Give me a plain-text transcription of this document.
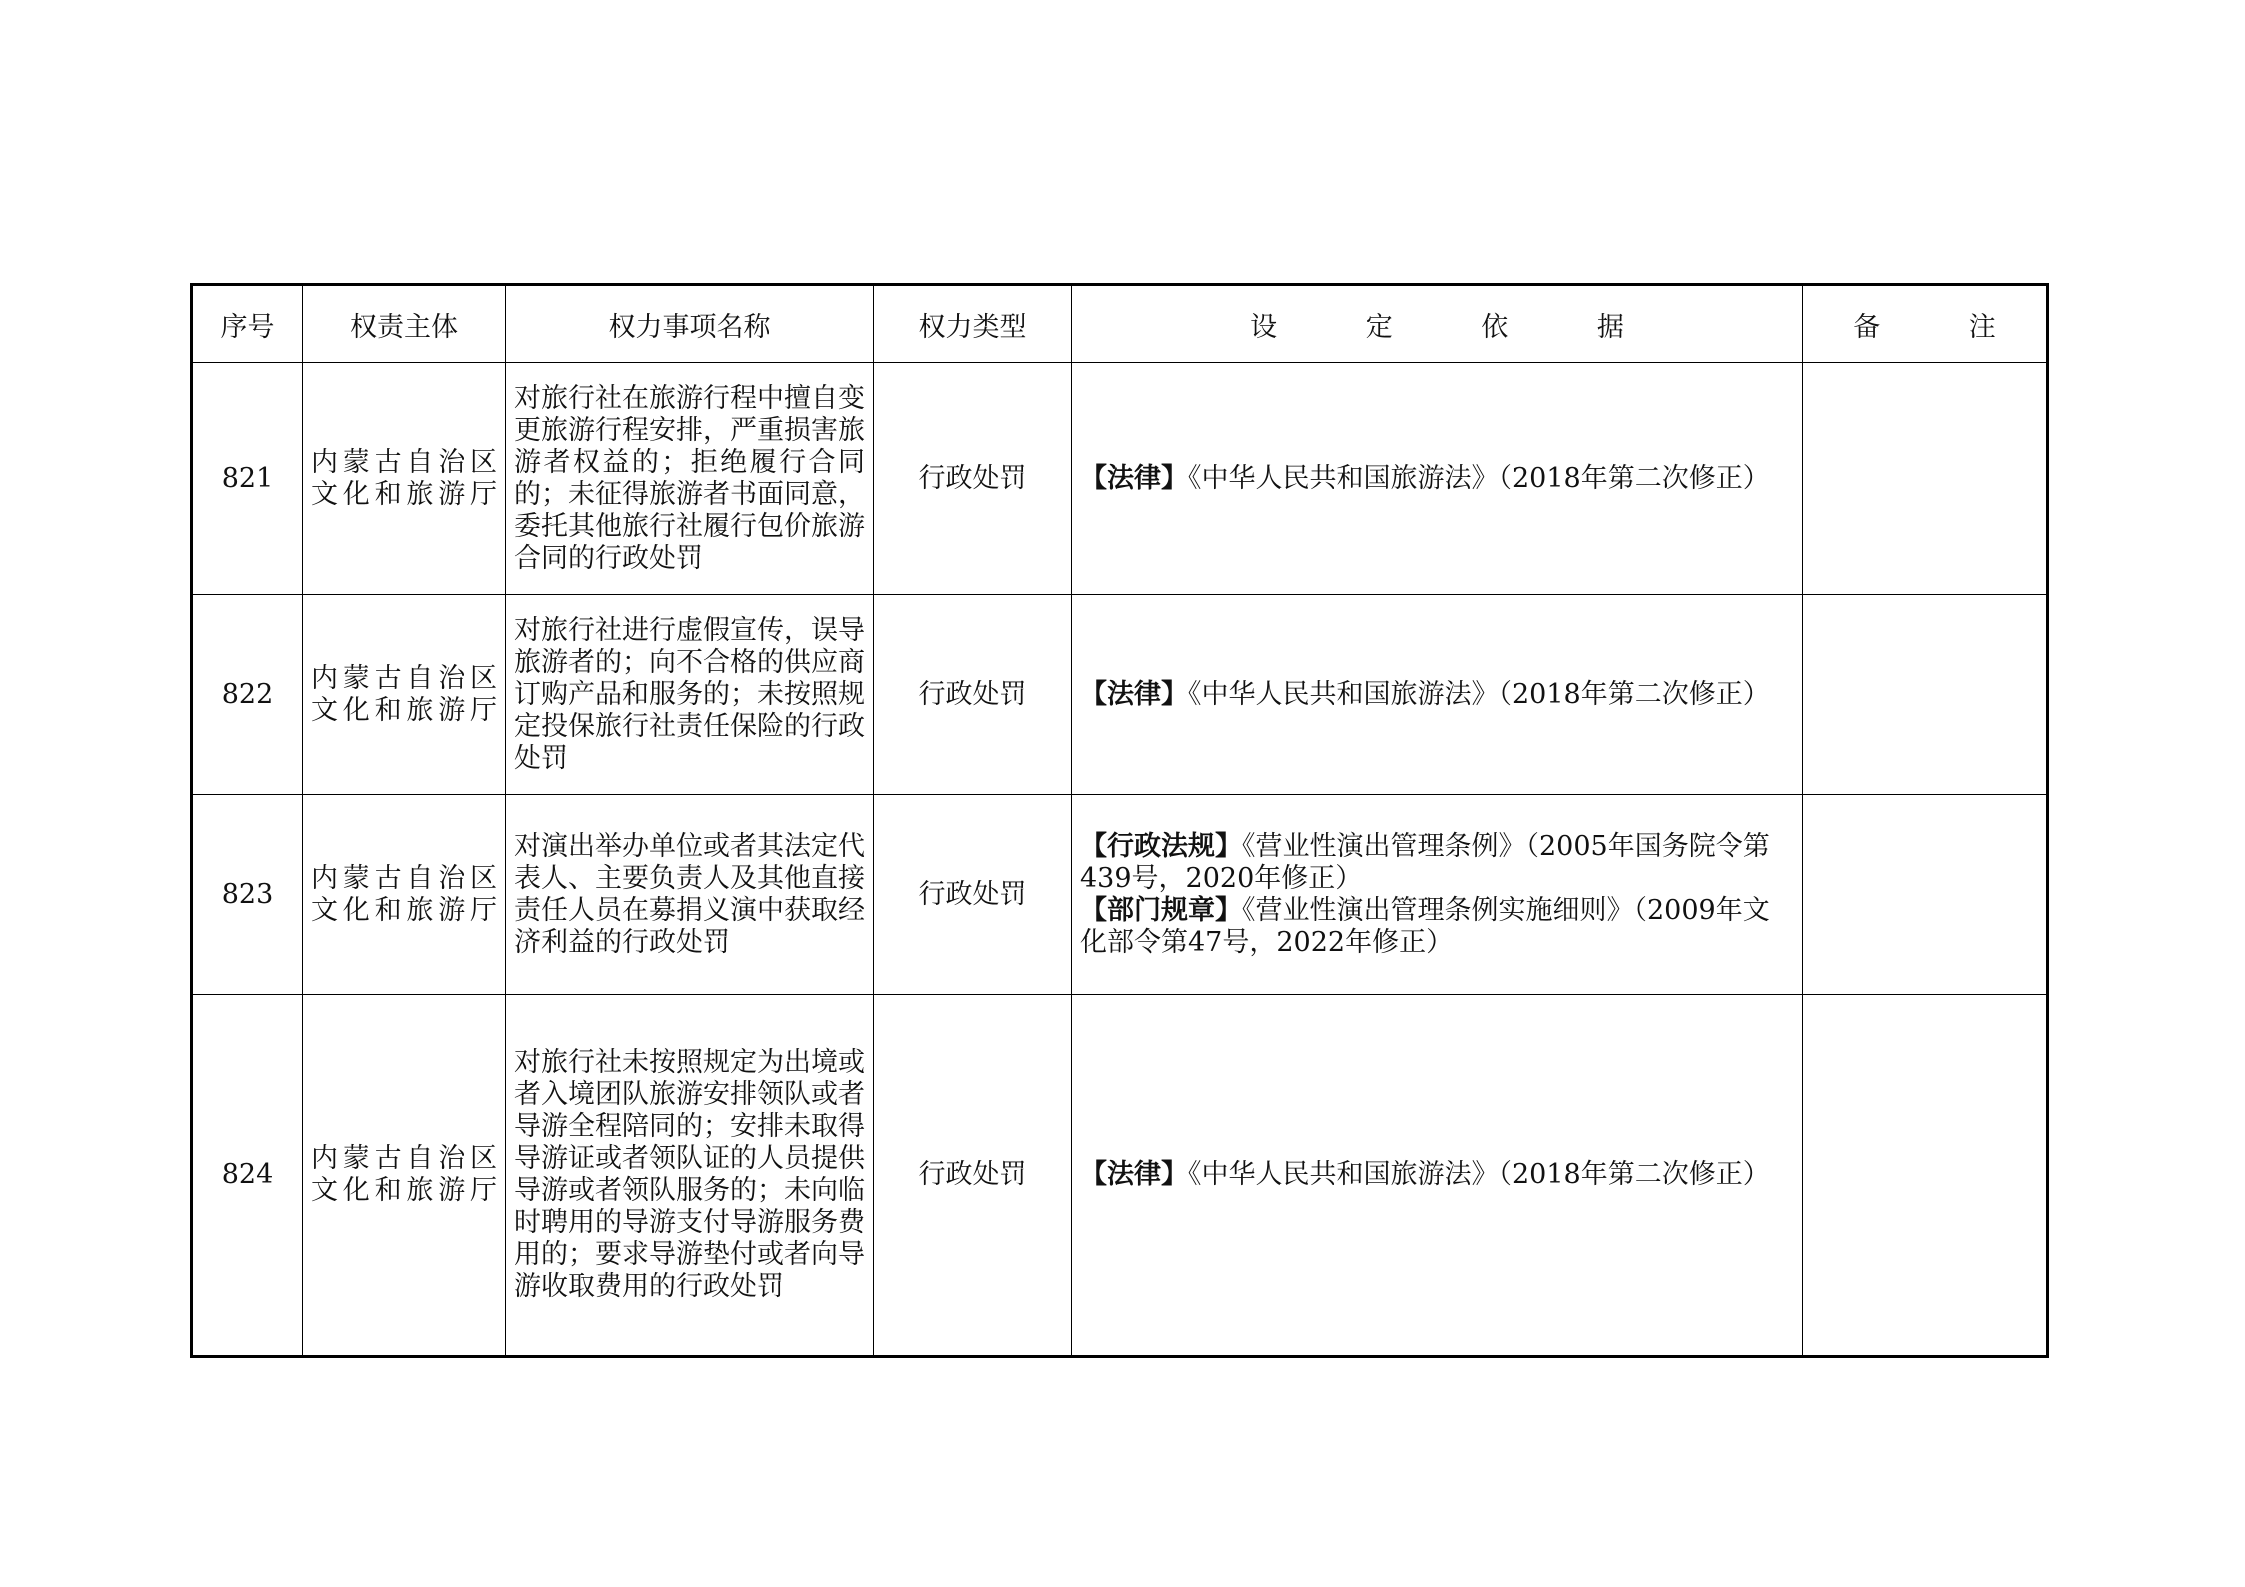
序号	权责主体	权力事项名称	权力类型	设 定 依 据	备 注
821	内蒙古自治区文化和旅游厅	对旅行社在旅游行程中擅自变更旅游行程安排，严重损害旅游者权益的；拒绝履行合同的；未征得旅游者书面同意，委托其他旅行社履行包价旅游合同的行政处罚	行政处罚	【法律】《中华人民共和国旅游法》（2018年第二次修正）	

822	内蒙古自治区文化和旅游厅	对旅行社进行虚假宣传，误导旅游者的；向不合格的供应商订购产品和服务的；未按照规定投保旅行社责任保险的行政处罚	行政处罚	【法律】《中华人民共和国旅游法》（2018年第二次修正）	

823	内蒙古自治区文化和旅游厅	对演出举办单位或者其法定代表人、主要负责人及其他直接责任人员在募捐义演中获取经济利益的行政处罚	行政处罚	【行政法规】《营业性演出管理条例》（2005年国务院令第439号，2020年修正）
【部门规章】《营业性演出管理条例实施细则》（2009年文化部令第47号，2022年修正）	

824	内蒙古自治区文化和旅游厅	对旅行社未按照规定为出境或者入境团队旅游安排领队或者导游全程陪同的；安排未取得导游证或者领队证的人员提供导游或者领队服务的；未向临时聘用的导游支付导游服务费用的；要求导游垫付或者向导游收取费用的行政处罚	行政处罚	【法律】《中华人民共和国旅游法》（2018年第二次修正）	
